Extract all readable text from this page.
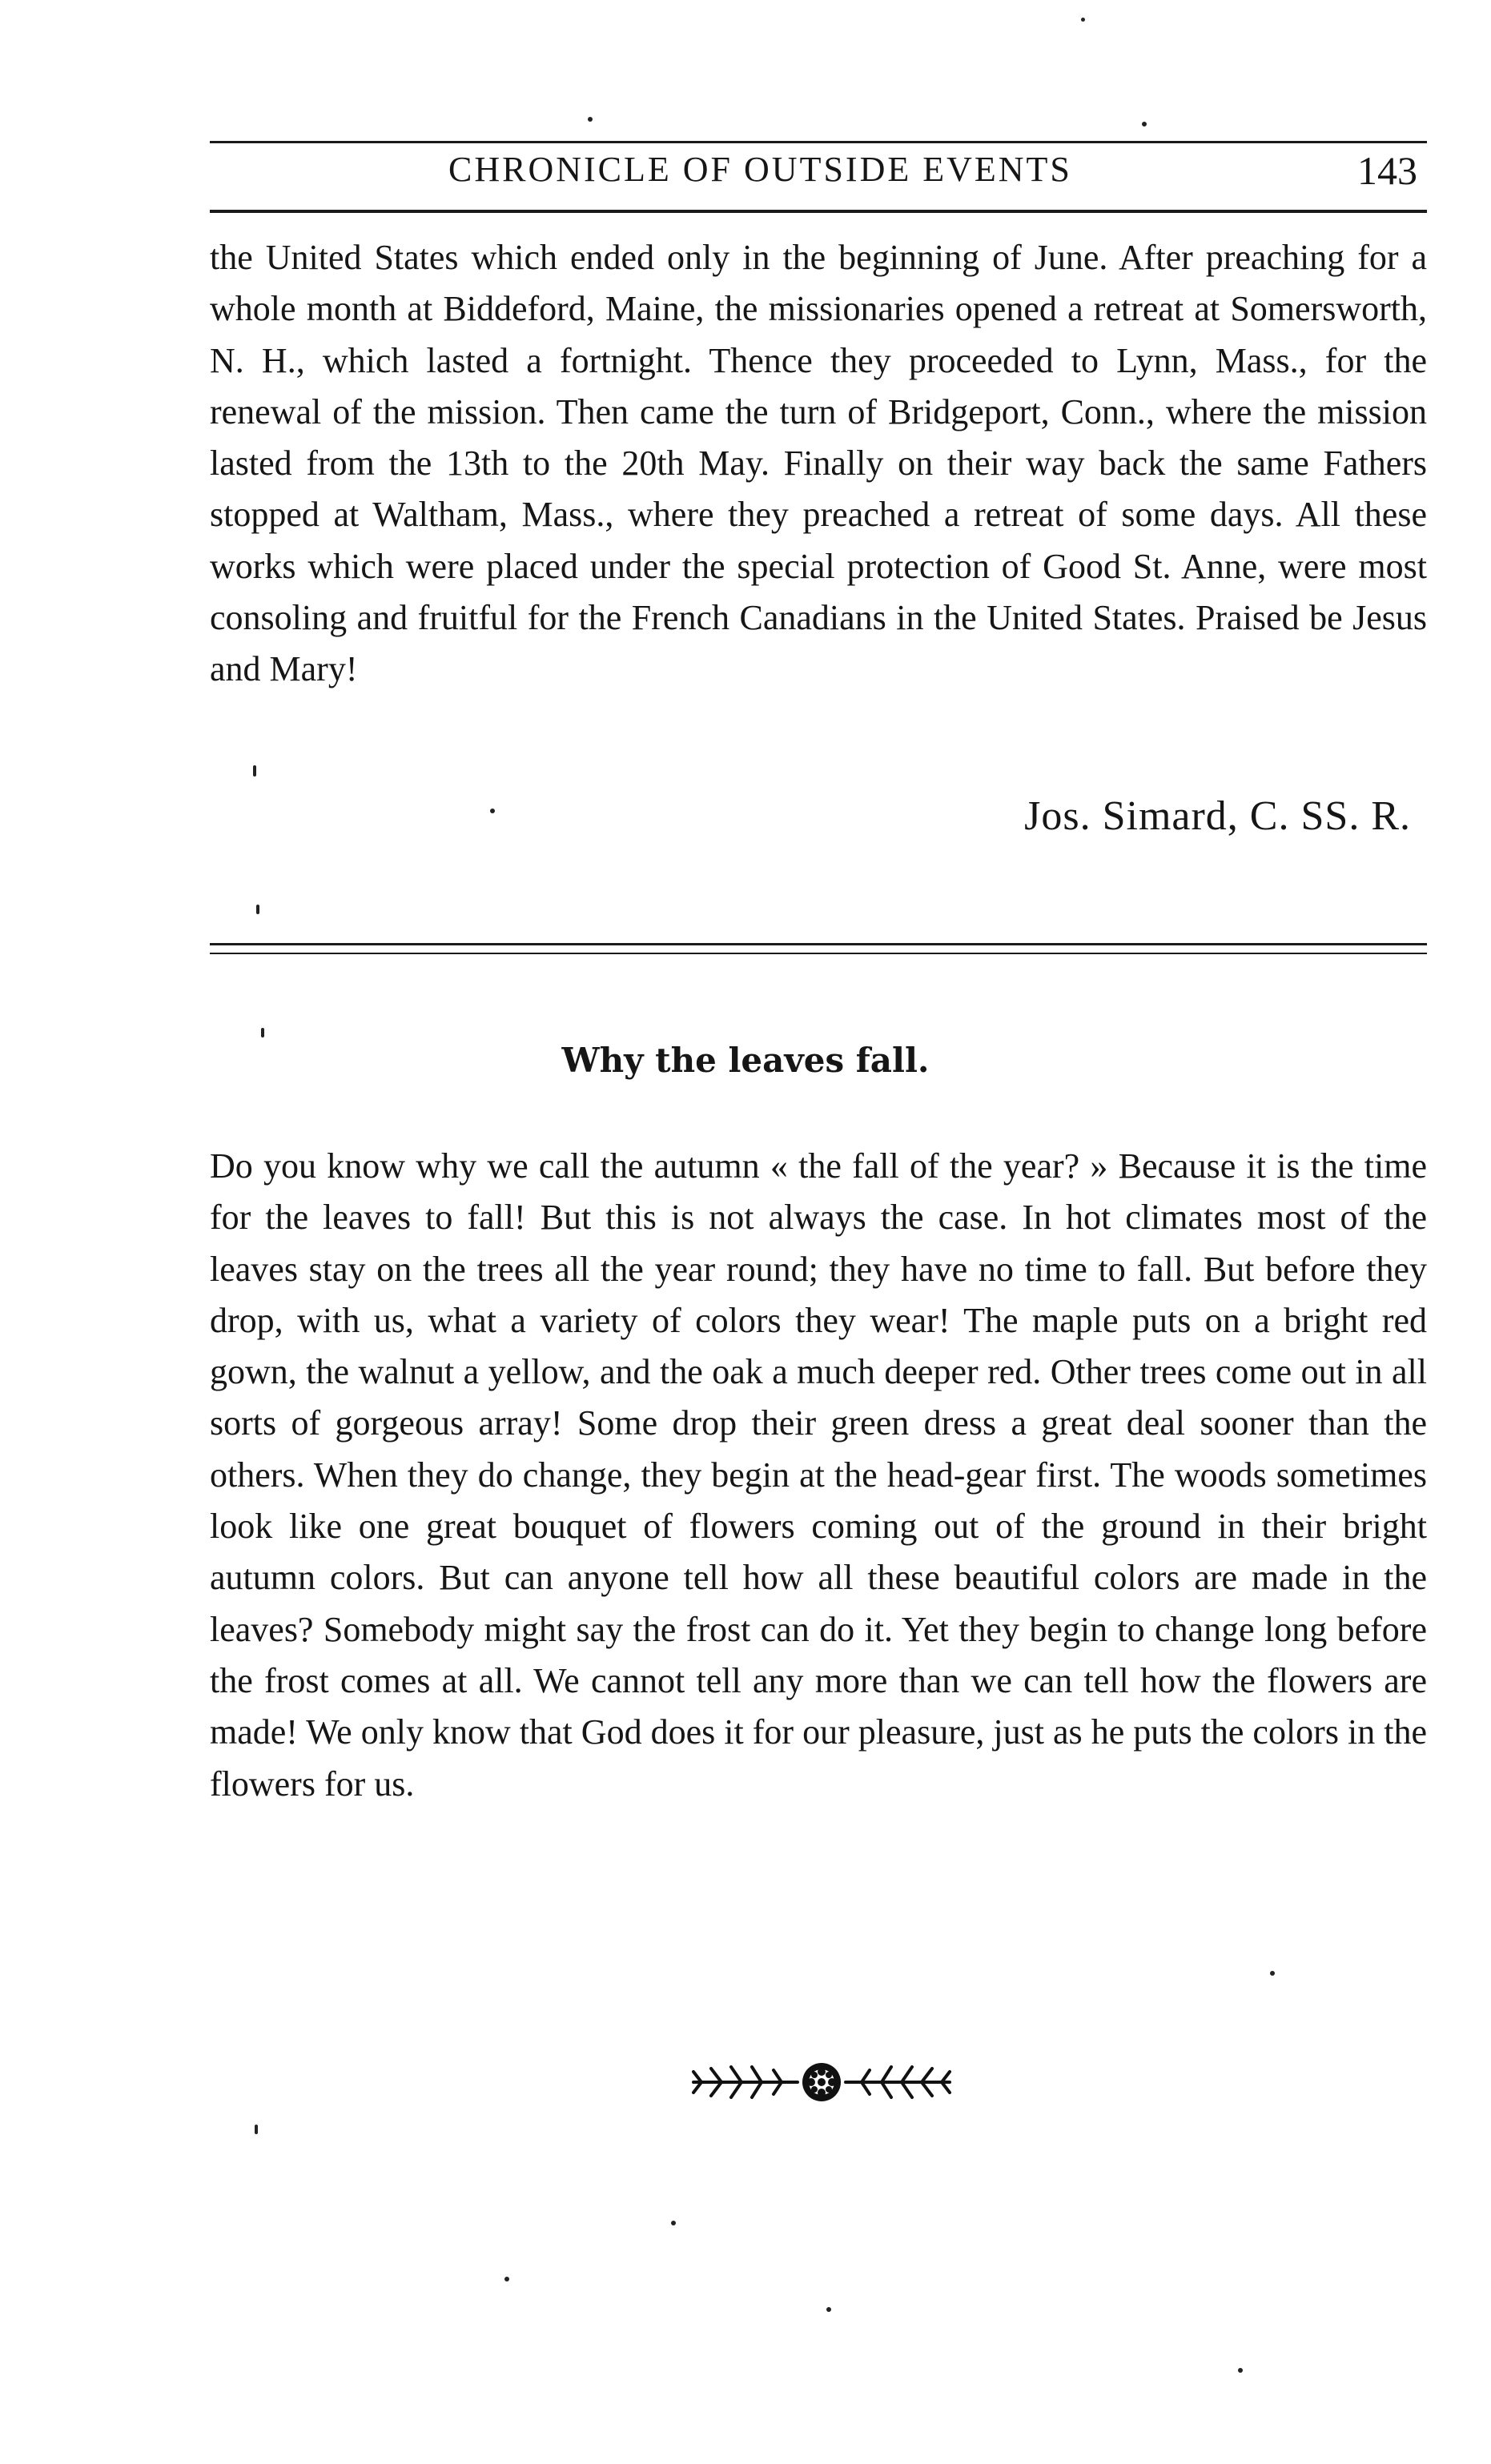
CHRONICLE OF OUTSIDE EVENTS	143

the United States which ended only in the beginning of June. After preaching for a whole month at Biddeford, Maine, the missionaries opened a retreat at Somersworth, N. H., which lasted a fortnight. Thence they proceeded to Lynn, Mass., for the renewal of the mission. Then came the turn of Bridgeport, Conn., where the mission lasted from the 13th to the 20th May. Finally on their way back the same Fathers stopped at Waltham, Mass., where they preached a retreat of some days. All these works which were placed under the special protection of Good St. Anne, were most consoling and fruitful for the French Canadians in the United States. Praised be Jesus and Mary!

Jos. Simard, C. SS. R.
Why the leaves fall.

Do you know why we call the autumn « the fall of the year? » Because it is the time for the leaves to fall! But this is not always the case. In hot climates most of the leaves stay on the trees all the year round; they have no time to fall. But before they drop, with us, what a variety of colors they wear! The maple puts on a bright red gown, the walnut a yellow, and the oak a much deeper red. Other trees come out in all sorts of gorgeous array! Some drop their green dress a great deal sooner than the others. When they do change, they begin at the head-gear first. The woods sometimes look like one great bouquet of flowers coming out of the ground in their bright autumn colors. But can anyone tell how all these beautiful colors are made in the leaves? Somebody might say the frost can do it. Yet they begin to change long before the frost comes at all. We cannot tell any more than we can tell how the flowers are made! We only know that God does it for our pleasure, just as he puts the colors in the flowers for us.
